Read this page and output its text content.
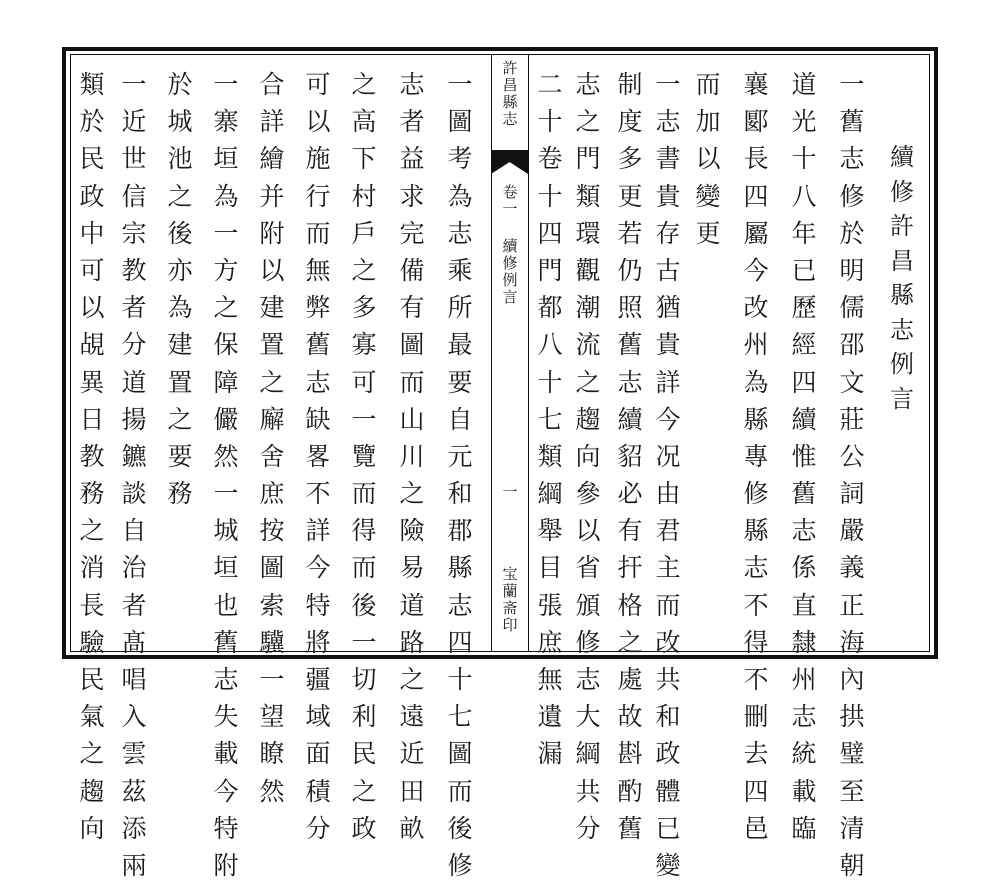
續
修
許
昌
縣
志
例
言
一
舊
志
修
於
明
儒
邵
文
莊
公
詞
嚴
義
正
海
內
拱
璧
至
清
朝
道
光
十
八
年
已
歷
經
四
續
惟
舊
志
係
直
隸
州
志
統
載
臨
襄
郾
長
四
屬
今
改
州
為
縣
專
修
縣
志
不
得
不
刪
去
四
邑
而
加
以
變
更
一
志
書
貴
存
古
猶
貴
詳
今
况
由
君
主
而
改
共
和
政
體
已
變
制
度
多
更
若
仍
照
舊
志
續
貂
必
有
扞
格
之
處
故
斟
酌
舊
志
之
門
類
環
觀
潮
流
之
趨
向
參
以
省
頒
修
志
大
綱
共
分
二
十
卷
十
四
門
都
八
十
七
類
綱
舉
目
張
庶
無
遺
漏
許
昌
縣
志
卷
一
續
修
例
言
一
宝
蘭
斋
印
一
圖
考
為
志
乘
所
最
要
自
元
和
郡
縣
志
四
十
七
圖
而
後
修
志
者
益
求
完
備
有
圖
而
山
川
之
險
易
道
路
之
遠
近
田
畝
之
高
下
村
戶
之
多
寡
可
一
覽
而
得
而
後
一
切
利
民
之
政
可
以
施
行
而
無
弊
舊
志
缺
畧
不
詳
今
特
將
疆
域
面
積
分
合
詳
繪
并
附
以
建
置
之
廨
舍
庶
按
圖
索
驥
一
望
瞭
然
一
寨
垣
為
一
方
之
保
障
儼
然
一
城
垣
也
舊
志
失
載
今
特
附
於
城
池
之
後
亦
為
建
置
之
要
務
一
近
世
信
宗
教
者
分
道
揚
鑣
談
自
治
者
髙
唱
入
雲
茲
添
兩
類
於
民
政
中
可
以
覘
異
日
教
務
之
消
長
驗
民
氣
之
趨
向
